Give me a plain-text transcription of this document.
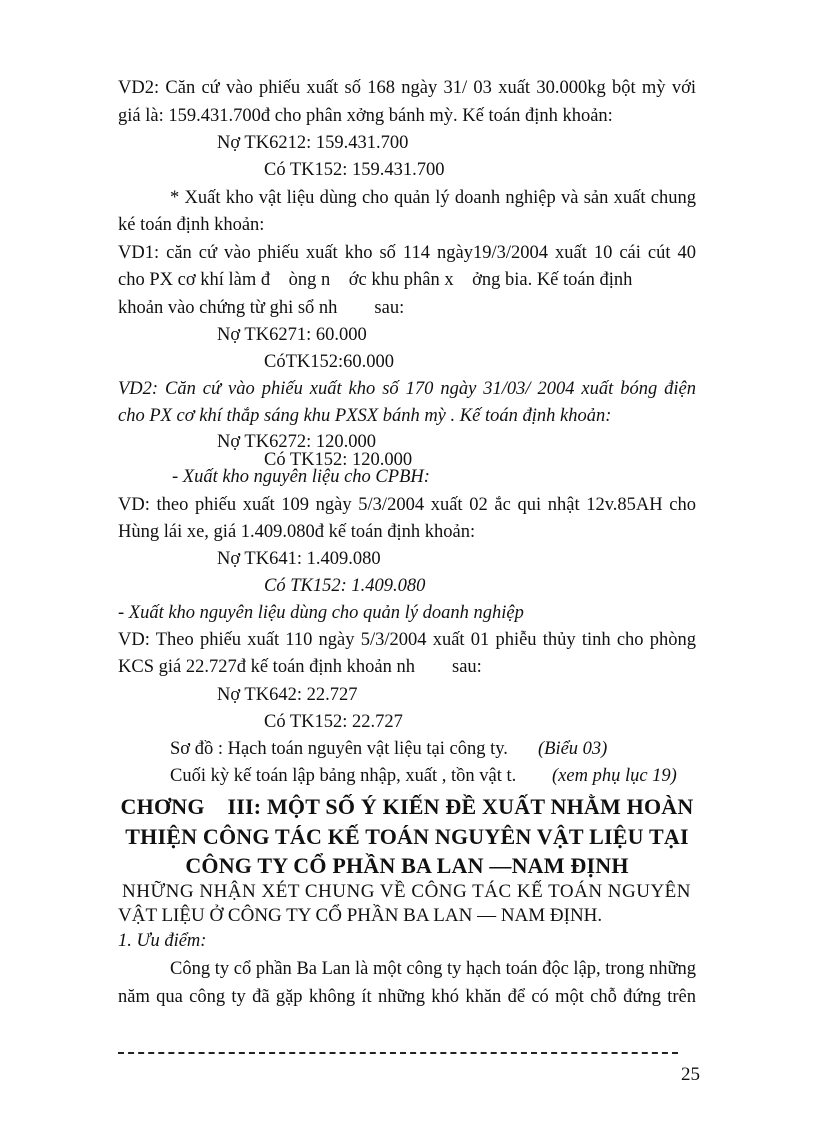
VD2: Căn cứ vào phiếu xuất số 168 ngày 31/ 03 xuất 30.000kg bột mỳ với
giá là: 159.431.700đ cho phân xởng bánh mỳ. Kế toán định khoản:
Nợ TK6212: 159.431.700
Có TK152: 159.431.700
* Xuất kho vật liệu dùng cho quản lý doanh nghiệp và sản xuất chung
ké toán định khoản:
VD1: căn cứ vào phiếu xuất kho số 114 ngày19/3/2004 xuất 10 cái cút 40
cho PX cơ khí làm đ    òng n    ớc khu phân x    ởng bia. Kế toán định
khoản vào chứng từ ghi sổ nh        sau:
Nợ TK6271: 60.000
CóTK152:60.000
VD2: Căn cứ vào phiếu xuất kho số 170 ngày 31/03/ 2004 xuất bóng điện
cho PX cơ khí thắp sáng khu PXSX bánh mỳ . Kế toán định khoản:
Nợ TK6272: 120.000
Có TK152: 120.000
- Xuất kho nguyên liệu cho CPBH:
VD: theo phiếu xuất 109 ngày 5/3/2004 xuất 02 ắc qui nhật 12v.85AH cho
Hùng lái xe, giá 1.409.080đ kế toán định khoản:
Nợ TK641: 1.409.080
Có TK152: 1.409.080
- Xuất kho nguyên liệu dùng cho quản lý doanh nghiệp
VD: Theo phiếu xuất 110 ngày 5/3/2004 xuất 01 phiễu thủy tinh cho phòng
KCS giá 22.727đ kế toán định khoản nh        sau:
Nợ TK642: 22.727
Có TK152: 22.727
Sơ đồ : Hạch toán nguyên vật liệu tại công ty. (Biểu 03)
Cuối kỳ kế toán lập bảng nhập, xuất , tồn vật t. (xem phụ lục 19)
CHƠNG    III: MỘT SỐ Ý KIẾN ĐỀ XUẤT NHẰM HOÀN
THIỆN CÔNG TÁC KẾ TOÁN NGUYÊN VẬT LIỆU TẠI
CÔNG TY CỔ PHẦN BA LAN —NAM ĐỊNH
NHỮNG NHẬN XÉT CHUNG VỀ CÔNG TÁC KẾ TOÁN NGUYÊN
VẬT LIỆU Ở CÔNG TY CỔ PHẦN BA LAN — NAM ĐỊNH.
1. Ưu điểm:
Công ty cổ phần Ba Lan là một công ty hạch toán độc lập, trong những
năm qua công ty đã gặp không ít những khó khăn để có một chỗ đứng trên
25
